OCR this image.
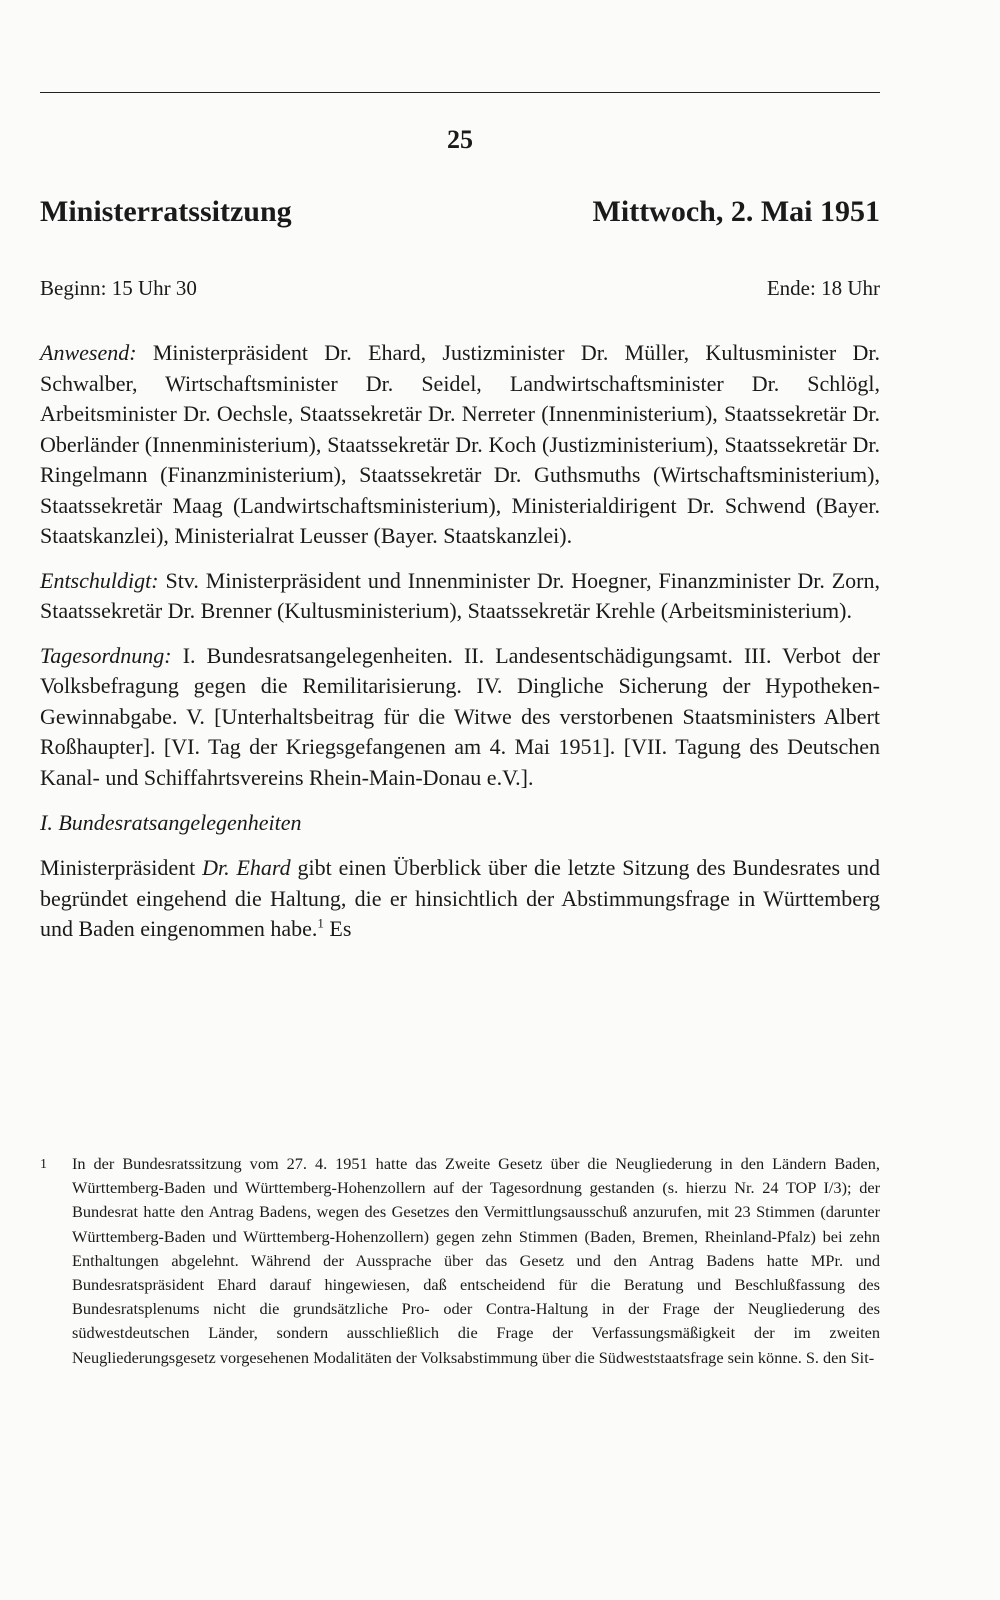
25
Ministerratssitzung	Mittwoch, 2. Mai 1951
Beginn: 15 Uhr 30	Ende: 18 Uhr

Anwesend: Ministerpräsident Dr. Ehard, Justizminister Dr. Müller, Kultusminister Dr. Schwalber, Wirtschaftsminister Dr. Seidel, Landwirtschaftsminister Dr. Schlögl, Arbeitsminister Dr. Oechsle, Staatssekretär Dr. Nerreter (Innenministerium), Staatssekretär Dr. Oberländer (Innenministerium), Staatssekretär Dr. Koch (Justizministerium), Staatssekretär Dr. Ringelmann (Finanzministerium), Staatssekretär Dr. Guthsmuths (Wirtschaftsministerium), Staatssekretär Maag (Landwirtschaftsministerium), Ministerialdirigent Dr. Schwend (Bayer. Staatskanzlei), Ministerialrat Leusser (Bayer. Staatskanzlei).

Entschuldigt: Stv. Ministerpräsident und Innenminister Dr. Hoegner, Finanzminister Dr. Zorn, Staatssekretär Dr. Brenner (Kultusministerium), Staatssekretär Krehle (Arbeitsministerium).

Tagesordnung: I. Bundesratsangelegenheiten. II. Landesentschädigungsamt. III. Verbot der Volksbefragung gegen die Remilitarisierung. IV. Dingliche Sicherung der Hypotheken-Gewinnabgabe. V. [Unterhaltsbeitrag für die Witwe des verstorbenen Staatsministers Albert Roßhaupter]. [VI. Tag der Kriegsgefangenen am 4. Mai 1951]. [VII. Tagung des Deutschen Kanal- und Schiffahrtsvereins Rhein-Main-Donau e.V.].

I. Bundesratsangelegenheiten

Ministerpräsident Dr. Ehard gibt einen Überblick über die letzte Sitzung des Bundesrates und begründet eingehend die Haltung, die er hinsichtlich der Abstimmungsfrage in Württemberg und Baden eingenommen habe.$^1$ Es

1	In der Bundesratssitzung vom 27. 4. 1951 hatte das Zweite Gesetz über die Neugliederung in den Ländern Baden, Württemberg-Baden und Württemberg-Hohenzollern auf der Tagesordnung gestanden (s. hierzu Nr. 24 TOP I/3); der Bundesrat hatte den Antrag Badens, wegen des Gesetzes den Vermittlungsausschuß anzurufen, mit 23 Stimmen (darunter Württemberg-Baden und Württemberg-Hohenzollern) gegen zehn Stimmen (Baden, Bremen, Rheinland-Pfalz) bei zehn Enthaltungen abgelehnt. Während der Aussprache über das Gesetz und den Antrag Badens hatte MPr. und Bundesratspräsident Ehard darauf hingewiesen, daß entscheidend für die Beratung und Beschlußfassung des Bundesratsplenums nicht die grundsätzliche Pro- oder Contra-Haltung in der Frage der Neugliederung des südwestdeutschen Länder, sondern ausschließlich die Frage der Verfassungsmäßigkeit der im zweiten Neugliederungsgesetz vorgesehenen Modalitäten der Volksabstimmung über die Südweststaatsfrage sein könne. S. den Sit-
